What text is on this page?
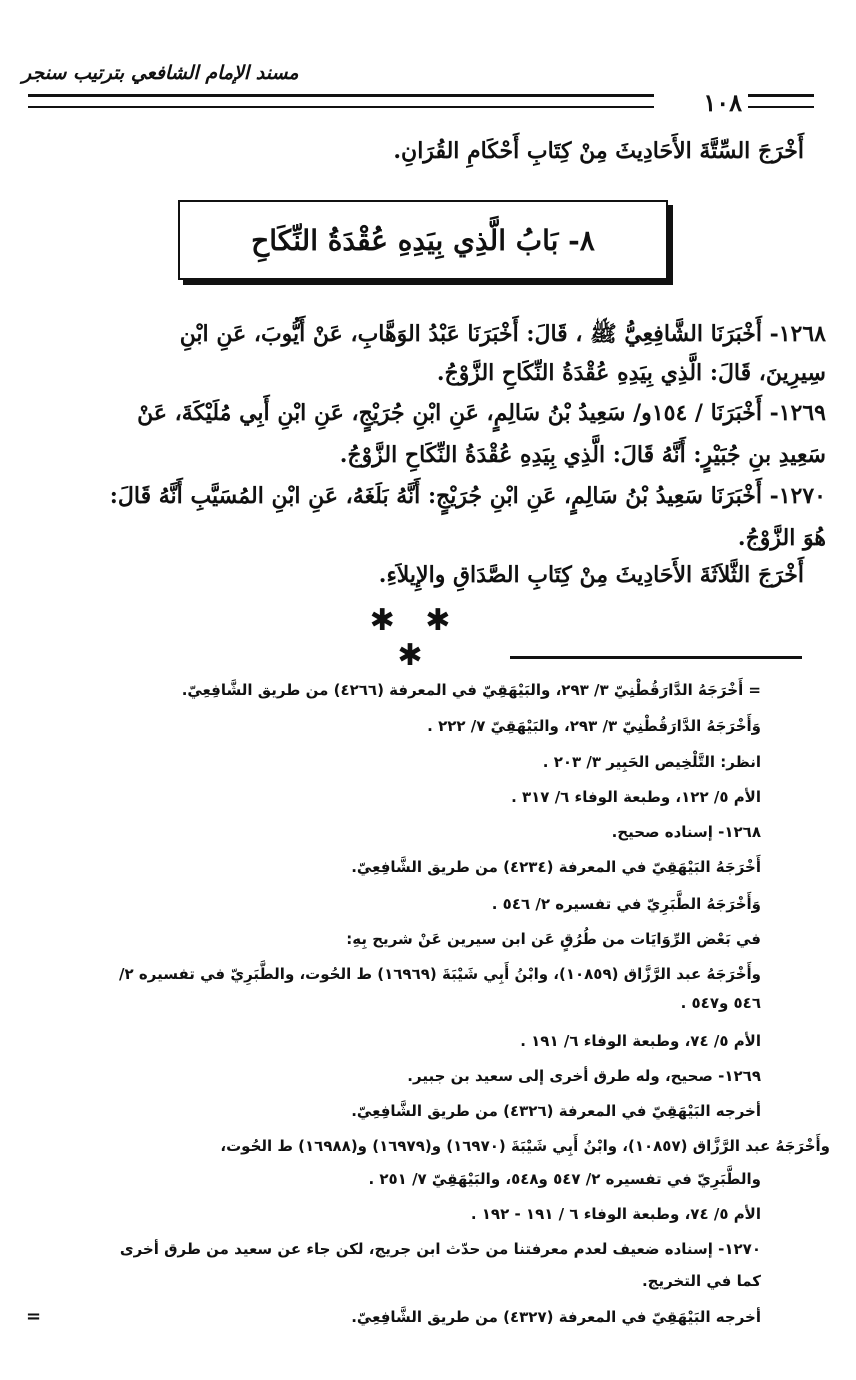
مسند الإمام الشافعي بترتيب سنجر
١٠٨
أَخْرَجَ السِّتَّةَ الأَحَادِيثَ مِنْ كِتَابِ أَحْكَامِ القُرَانِ.
٨- بَابُ الَّذِي بِيَدِهِ عُقْدَةُ النِّكَاحِ
١٢٦٨- أَخْبَرَنَا الشَّافِعِيُّ ﷺ ، قَالَ: أَخْبَرَنَا عَبْدُ الوَهَّابِ، عَنْ أَيُّوبَ، عَنِ ابْنِ
سِيرِينَ، قَالَ: الَّذِي بِيَدِهِ عُقْدَةُ النِّكَاحِ الزَّوْجُ.
١٢٦٩- أَخْبَرَنَا / ١٥٤و/ سَعِيدُ بْنُ سَالِمٍ، عَنِ ابْنِ جُرَيْجٍ، عَنِ ابْنِ أَبِي مُلَيْكَةَ، عَنْ
سَعِيدِ بنِ جُبَيْرٍ: أَنَّهُ قَالَ: الَّذِي بِيَدِهِ عُقْدَةُ النِّكَاحِ الزَّوْجُ.
١٢٧٠- أَخْبَرَنَا سَعِيدُ بْنُ سَالِمٍ، عَنِ ابْنِ جُرَيْجٍ: أَنَّهُ بَلَغَهُ، عَنِ ابْنِ المُسَيَّبِ أَنَّهُ قَالَ:
هُوَ الزَّوْجُ.
أَخْرَجَ الثَّلاَثَةَ الأَحَادِيثَ مِنْ كِتَابِ الصَّدَاقِ والإِيلاَءِ.
✱ ✱ ✱
= أَخْرَجَهُ الدَّارَقُطْنِيّ ٣/ ٢٩٣، والبَيْهَقِيّ في المعرفة (٤٢٦٦) من طريق الشَّافِعِيّ.
وَأَخْرَجَهُ الدَّارَقُطْنِيّ ٣/ ٢٩٣، والبَيْهَقِيّ ٧/ ٢٢٢ .
انظر: التَّلْخِيص الحَبِير ٣/ ٢٠٣ .
الأم ٥/ ١٢٢، وطبعة الوفاء ٦/ ٣١٧ .
١٢٦٨- إسناده صحيح.
أَخْرَجَهُ البَيْهَقِيّ في المعرفة (٤٢٣٤) من طريق الشَّافِعِيّ.
وَأَخْرَجَهُ الطَّبَرِيّ في تفسيره ٢/ ٥٤٦ .
في بَعْض الرِّوَايَات من طُرُقٍ عَن ابن سيرين عَنْ شريح بِهِ:
وأَخْرَجَهُ عبد الرَّزَّاق (١٠٨٥٩)، وابْنُ أَبِي شَيْبَةَ (١٦٩٦٩) ط الحُوت، والطَّبَرِيّ في تفسيره ٢/
٥٤٦ و٥٤٧ .
الأم ٥/ ٧٤، وطبعة الوفاء ٦/ ١٩١ .
١٢٦٩- صحيح، وله طرق أخرى إلى سعيد بن جبير.
أخرجه البَيْهَقِيّ في المعرفة (٤٣٢٦) من طريق الشَّافِعِيّ.
وأَخْرَجَهُ عبد الرَّزَّاق (١٠٨٥٧)، وابْنُ أَبِي شَيْبَةَ (١٦٩٧٠) و(١٦٩٧٩) و(١٦٩٨٨) ط الحُوت،
والطَّبَرِيّ في تفسيره ٢/ ٥٤٧ و٥٤٨، والبَيْهَقِيّ ٧/ ٢٥١ .
الأم ٥/ ٧٤، وطبعة الوفاء ٦ / ١٩١ - ١٩٢ .
١٢٧٠- إسناده ضعيف لعدم معرفتنا من حدّث ابن جريج، لكن جاء عن سعيد من طرق أخرى
كما في التخريج.
أخرجه البَيْهَقِيّ في المعرفة (٤٣٢٧) من طريق الشَّافِعِيّ.
=
